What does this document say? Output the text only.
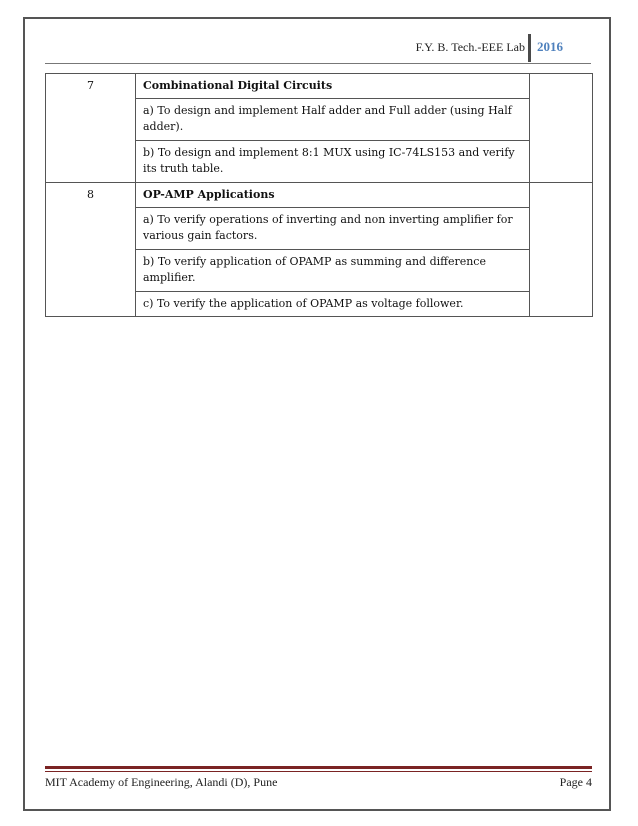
F.Y. B. Tech.-EEE Lab 2016
7	Combinational Digital Circuits	
	a) To design and implement Half adder and Full adder (using Half adder).	
	b) To design and implement 8:1 MUX using IC-74LS153 and verify its truth table.	
8	OP-AMP Applications	
	a) To verify operations of inverting and non inverting amplifier for various gain factors.	
	b) To verify application of OPAMP as summing and difference amplifier.	
	c) To verify the application of OPAMP as voltage follower.	
MIT Academy of Engineering, Alandi (D), Pune	Page 4
